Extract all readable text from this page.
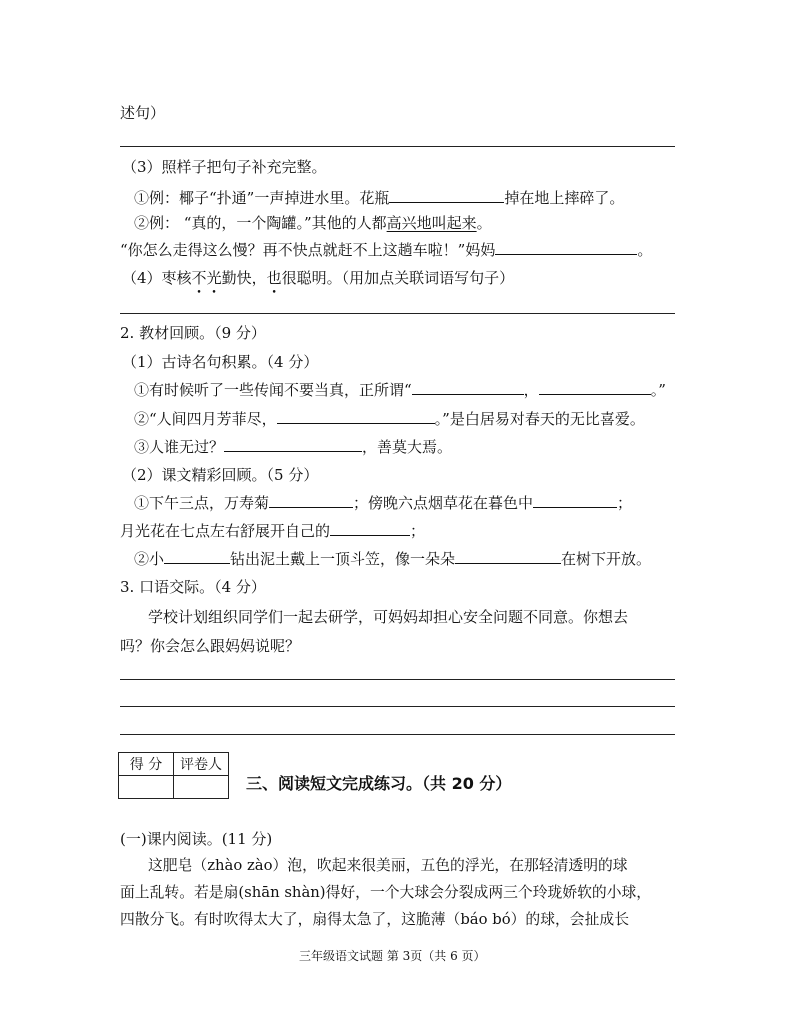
述句）
（3）照样子把句子补充完整。
①例：椰子“扑通”一声掉进水里。花瓶	掉在地上摔碎了。
②例： “真的，一个陶罐。”其他的人都高兴地叫起来。
“你怎么走得这么慢？再不快点就赶不上这趟车啦！”妈妈	。
（4）枣核不光勤快，也很聪明。（用加点关联词语写句子）
2. 教材回顾。（9 分）
（1）古诗名句积累。（4 分）
①有时候听了一些传闻不要当真，正所谓“	，	。”
②“人间四月芳菲尽，	。”是白居易对春天的无比喜爱。
③人谁无过？	，善莫大焉。
（2）课文精彩回顾。（5 分）
①下午三点，万寿菊	；傍晚六点烟草花在暮色中	；
月光花在七点左右舒展开自己的	；
②小	钻出泥土戴上一顶斗笠，像一朵朵	在树下开放。
3. 口语交际。（4 分）
学校计划组织同学们一起去研学，可妈妈却担心安全问题不同意。你想去
吗？你会怎么跟妈妈说呢？
得 分	评卷人

三、阅读短文完成练习。（共 20 分）
(一)课内阅读。(11 分)
这肥皂（zhào zào）泡，吹起来很美丽，五色的浮光，在那轻清透明的球
面上乱转。若是扇(shān shàn)得好，一个大球会分裂成两三个玲珑娇软的小球，
四散分飞。有时吹得太大了，扇得太急了，这脆薄（báo bó）的球，会扯成长
三年级语文试题 第 3页（共 6 页）
